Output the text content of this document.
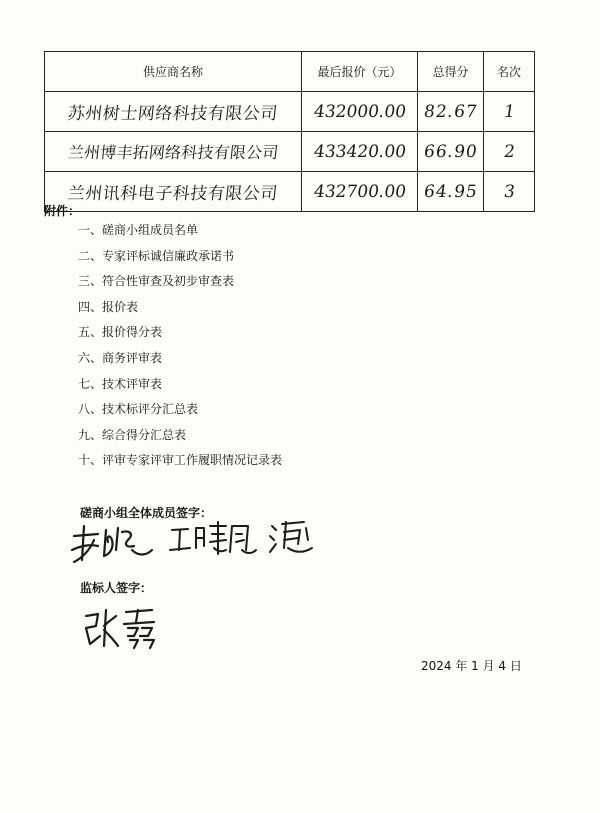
供应商名称	最后报价（元）	总得分	名次
苏州树士网络科技有限公司	432000.00	82.67	1
兰州博丰拓网络科技有限公司	433420.00	66.90	2
兰州讯科电子科技有限公司	432700.00	64.95	3
附件：
一、磋商小组成员名单
二、专家评标诚信廉政承诺书
三、符合性审查及初步审查表
四、报价表
五、报价得分表
六、商务评审表
七、技术评审表
八、技术标评分汇总表
九、综合得分汇总表
十、评审专家评审工作履职情况记录表
磋商小组全体成员签字：
监标人签字：
2024 年 1 月 4 日
